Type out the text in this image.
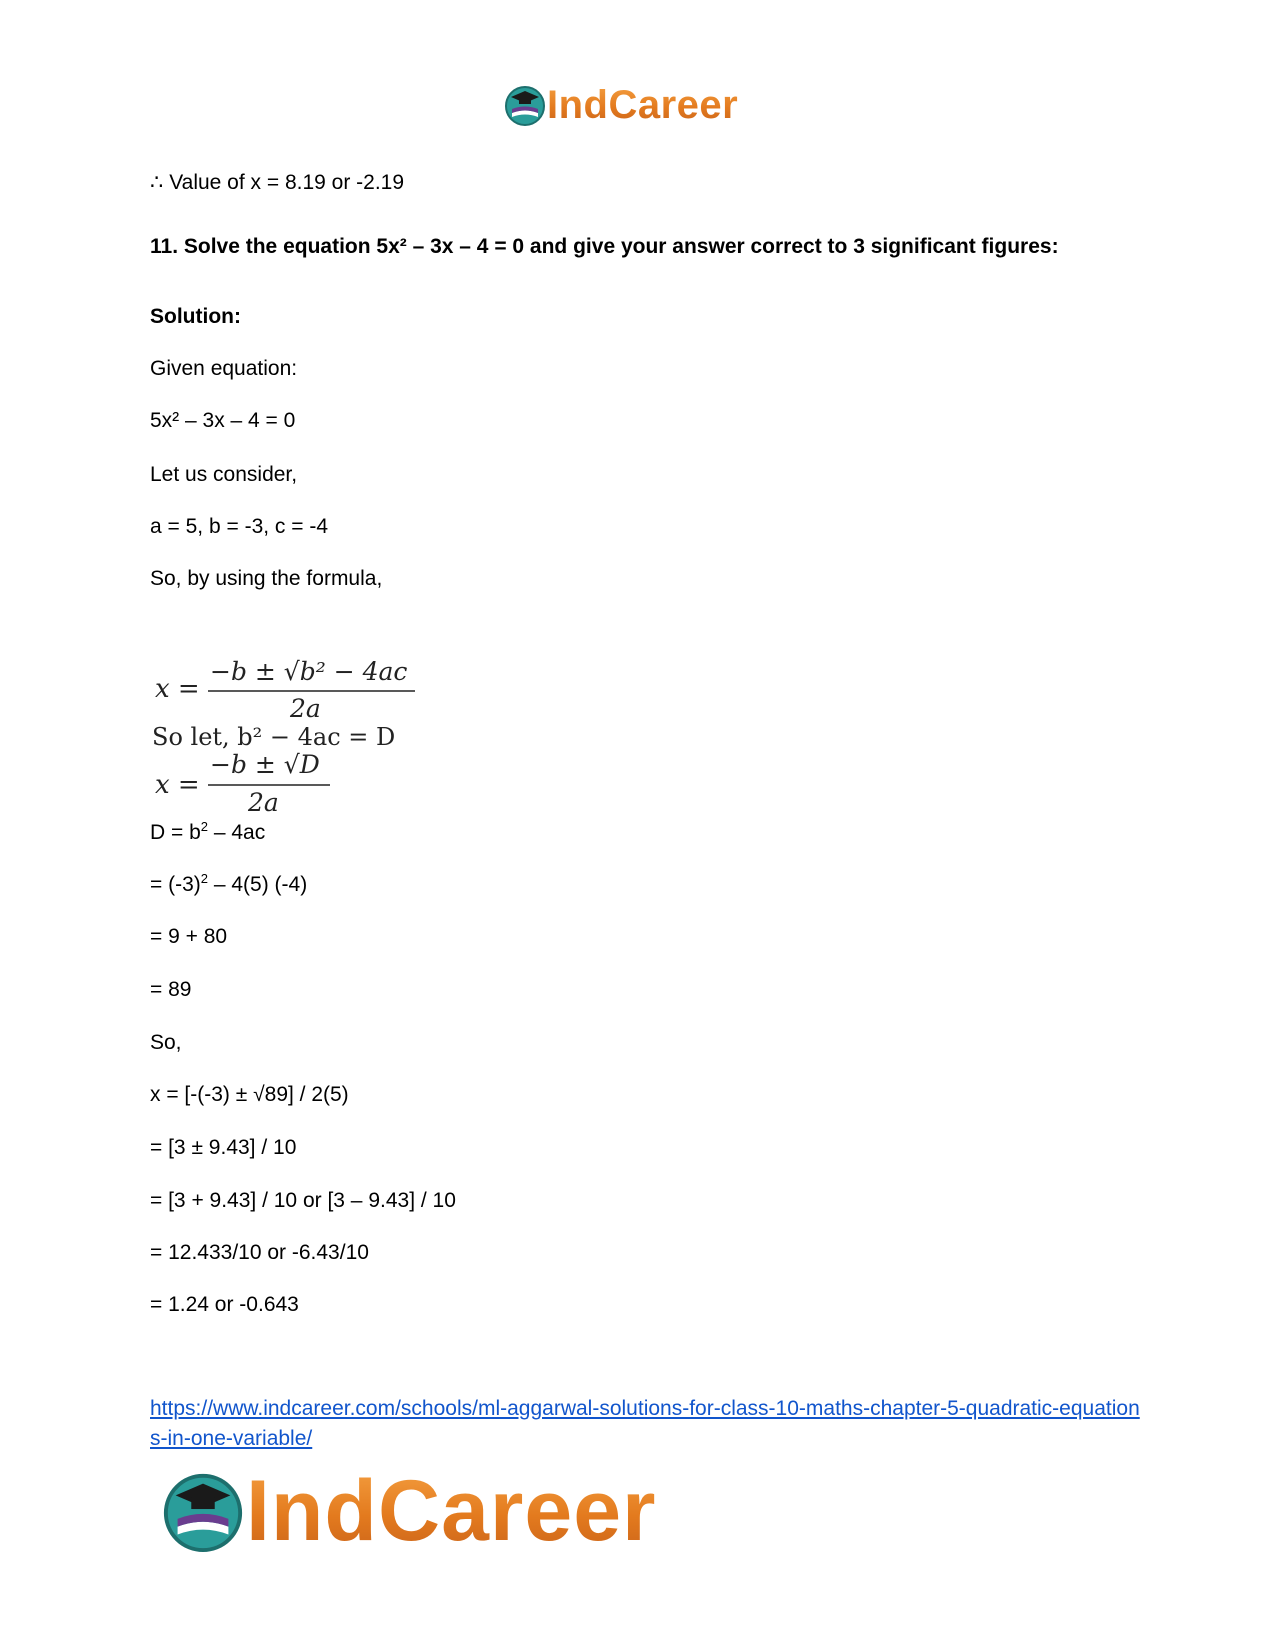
IndCareer
∴ Value of x = 8.19 or -2.19
11. Solve the equation 5x² – 3x – 4 = 0 and give your answer correct to 3 significant figures:
Solution:
Given equation:
5x² – 3x – 4 = 0
Let us consider,
a = 5, b = -3, c = -4
So, by using the formula,
$D = b^2 - 4ac$
= $(-3)^2 - 4(5)$ (-4)
= 9 + 80
= 89
So,
x = [-(-3) ± √89] / 2(5)
= [3 ± 9.43] / 10
= [3 + 9.43] / 10 or [3 – 9.43] / 10
= 12.433/10 or -6.43/10
= 1.24 or -0.643
x =
−b ± √b² − 4ac
2a
So let, b² − 4ac = D
x =
−b ± √D
2a
https://www.indcareer.com/schools/ml-aggarwal-solutions-for-class-10-maths-chapter-5-quadratic-equations-in-one-variable/
IndCareer
